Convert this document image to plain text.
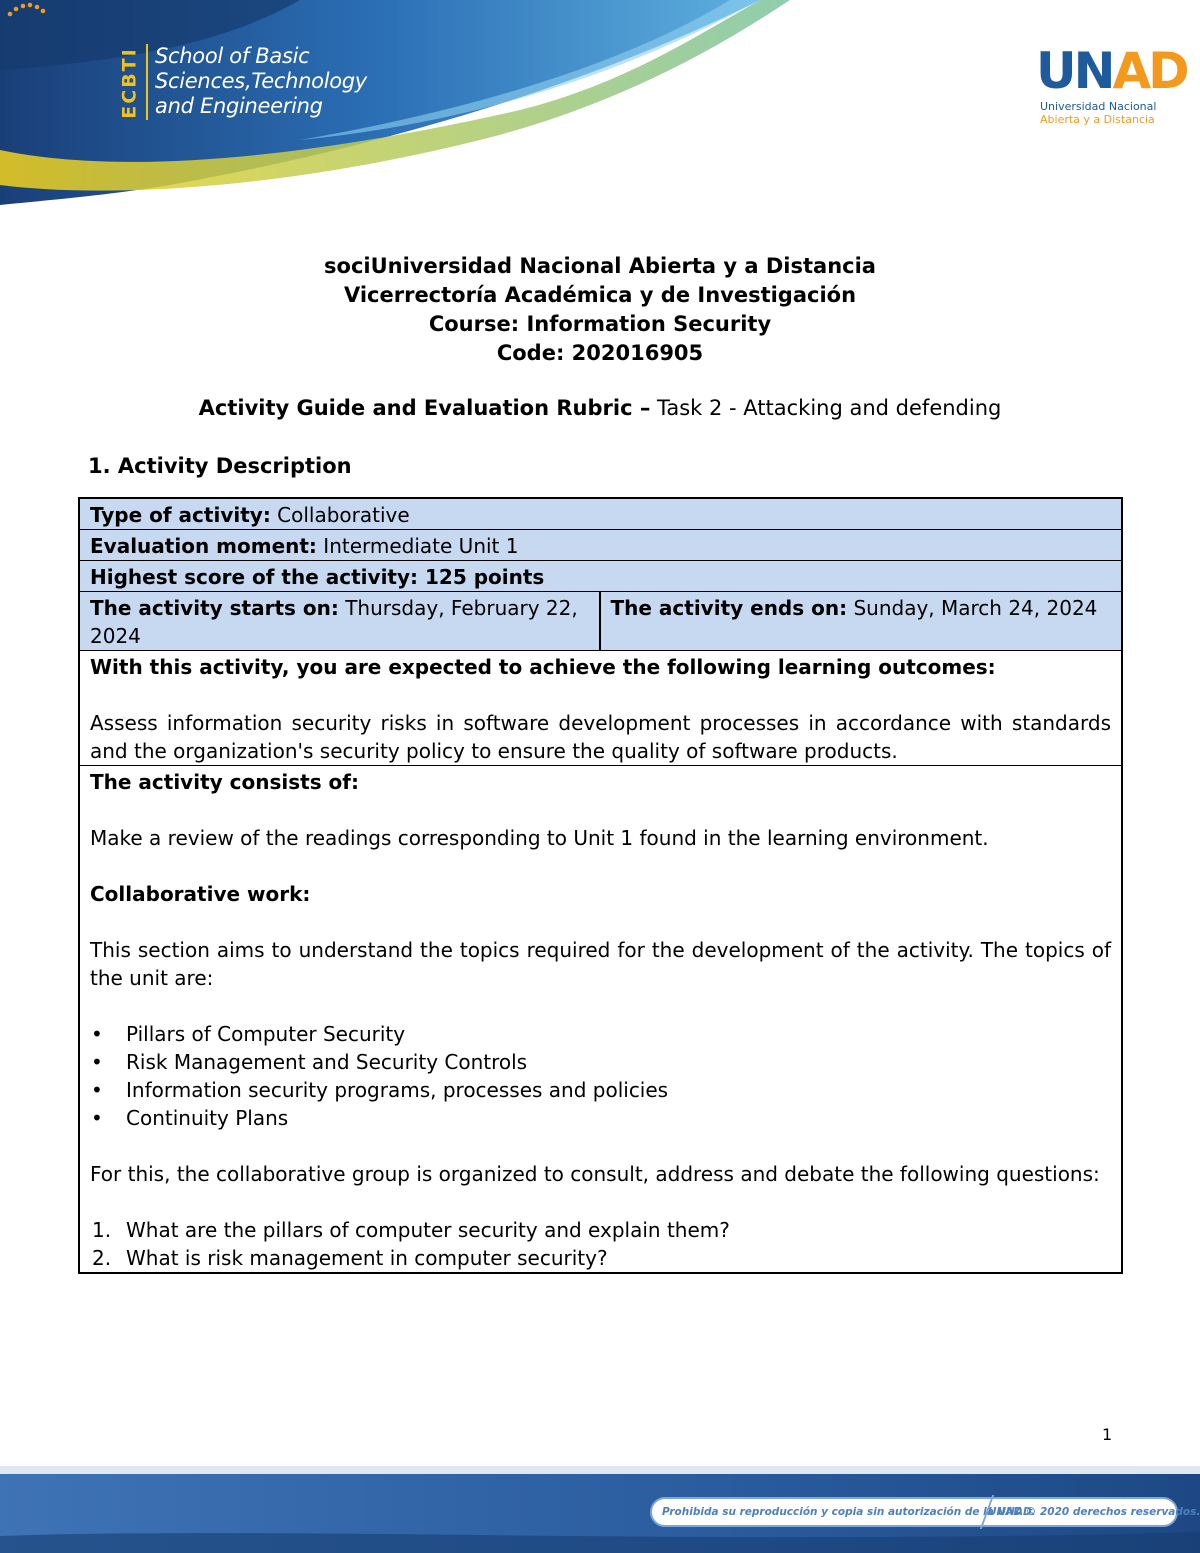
ECBTI School of Basic
Sciences,Technology
and Engineering
UNAD
Universidad Nacional
Abierta y a Distancia
sociUniversidad Nacional Abierta y a Distancia
Vicerrectoría Académica y de Investigación
Course: Information Security
Code: 202016905
Activity Guide and Evaluation Rubric – Task 2 - Attacking and defending
1. Activity Description
Type of activity: Collaborative
Evaluation moment: Intermediate Unit 1
Highest score of the activity: 125 points
The activity starts on: Thursday, February 22, 2024
The activity ends on: Sunday, March 24, 2024
With this activity, you are expected to achieve the following learning outcomes:
Assess information security risks in software development processes in accordance with standards and the organization's security policy to ensure the quality of software products.
The activity consists of:
Make a review of the readings corresponding to Unit 1 found in the learning environment.
Collaborative work:
This section aims to understand the topics required for the development of the activity. The topics of the unit are:
• Pillars of Computer Security
• Risk Management and Security Controls
• Information security programs, processes and policies
• Continuity Plans
For this, the collaborative group is organized to consult, address and debate the following questions:
1. What are the pillars of computer security and explain them?
2. What is risk management in computer security?
1
Prohibida su reproducción y copia sin autorización de la UNAD.
UNAD © 2020 derechos reservados.
